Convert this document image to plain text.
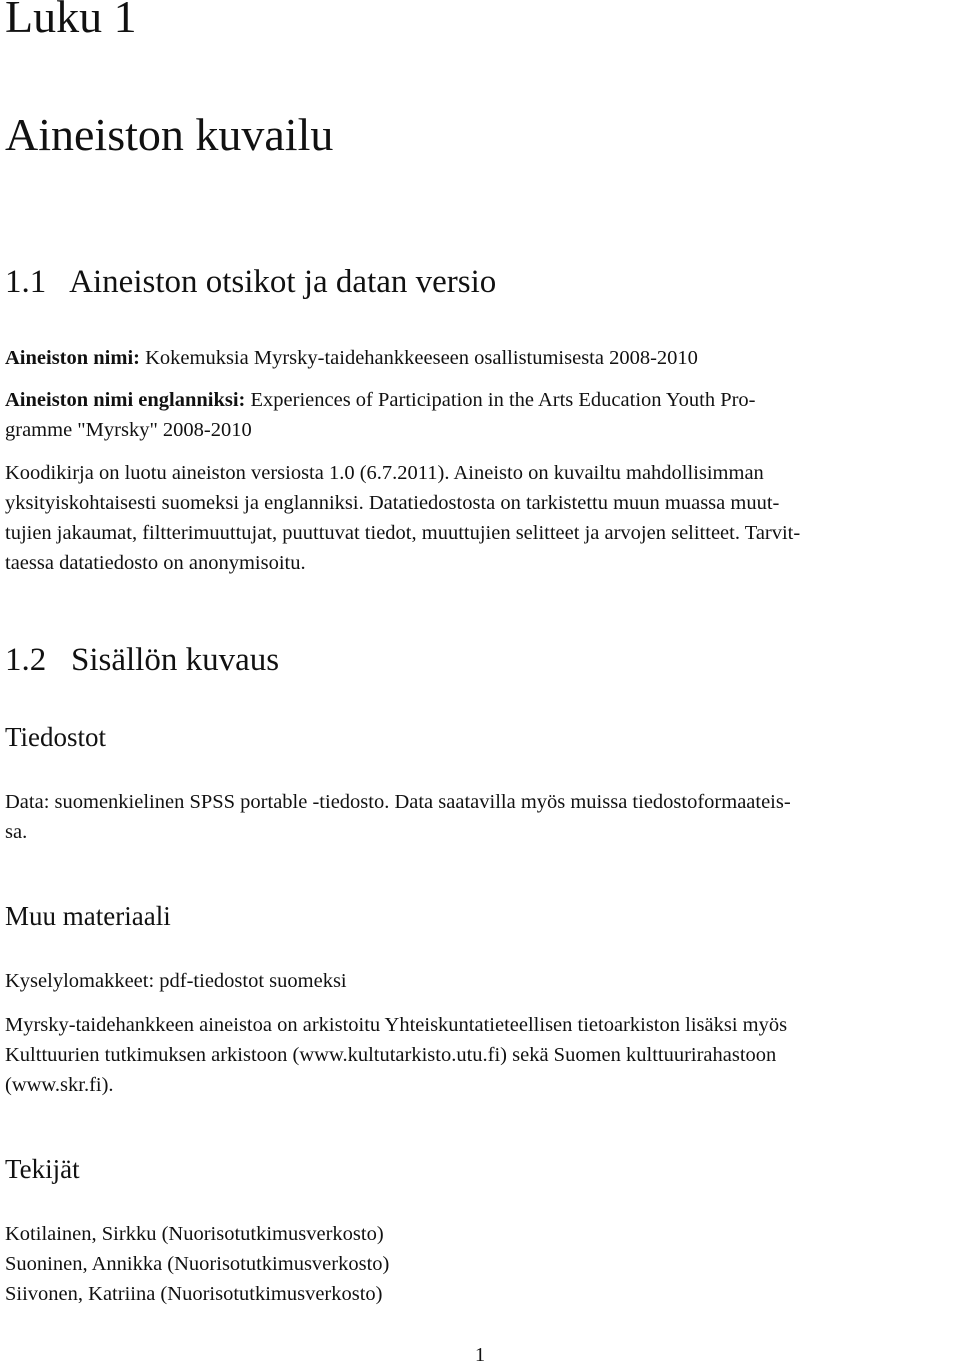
Luku 1
Aineiston kuvailu
1.1   Aineiston otsikot ja datan versio
Aineiston nimi: Kokemuksia Myrsky-taidehankkeeseen osallistumisesta 2008-2010
Aineiston nimi englanniksi: Experiences of Participation in the Arts Education Youth Pro-
gramme "Myrsky" 2008-2010
Koodikirja on luotu aineiston versiosta 1.0 (6.7.2011). Aineisto on kuvailtu mahdollisimman
yksityiskohtaisesti suomeksi ja englanniksi. Datatiedostosta on tarkistettu muun muassa muut-
tujien jakaumat, filtterimuuttujat, puuttuvat tiedot, muuttujien selitteet ja arvojen selitteet. Tarvit-
taessa datatiedosto on anonymisoitu.
1.2   Sisällön kuvaus
Tiedostot
Data: suomenkielinen SPSS portable -tiedosto. Data saatavilla myös muissa tiedostoformaateis-
sa.
Muu materiaali
Kyselylomakkeet: pdf-tiedostot suomeksi
Myrsky-taidehankkeen aineistoa on arkistoitu Yhteiskuntatieteellisen tietoarkiston lisäksi myös
Kulttuurien tutkimuksen arkistoon (www.kultutarkisto.utu.fi) sekä Suomen kulttuurirahastoon
(www.skr.fi).
Tekijät
Kotilainen, Sirkku (Nuorisotutkimusverkosto)
Suoninen, Annikka (Nuorisotutkimusverkosto)
Siivonen, Katriina (Nuorisotutkimusverkosto)
1
